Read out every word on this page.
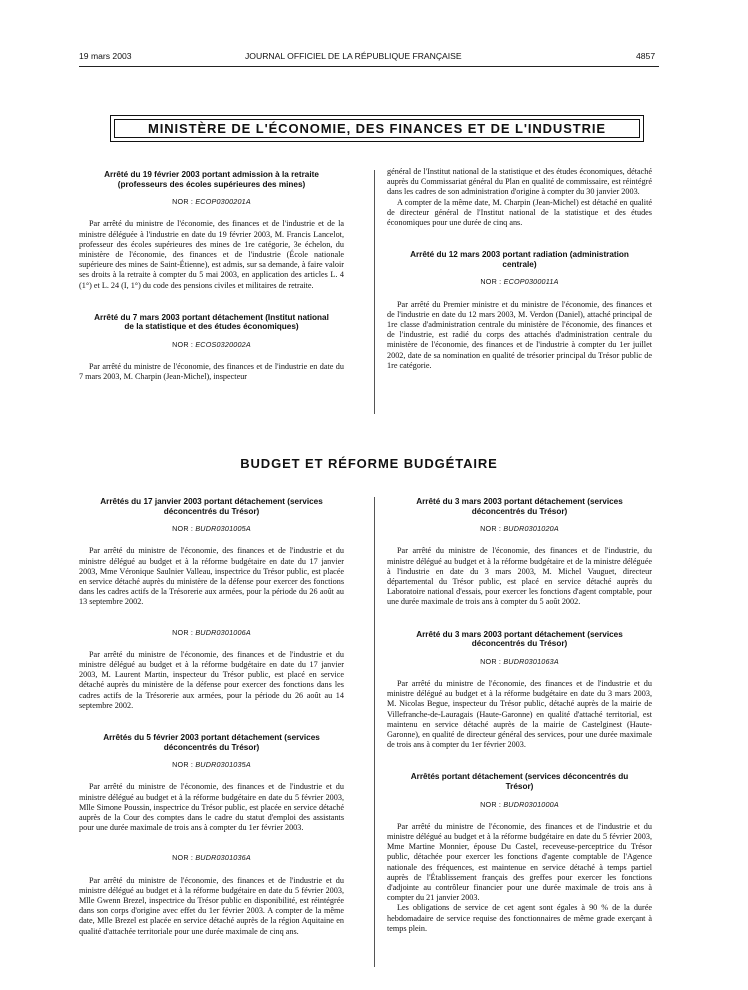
19 mars 2003	JOURNAL OFFICIEL DE LA RÉPUBLIQUE FRANÇAISE	4857
MINISTÈRE DE L'ÉCONOMIE, DES FINANCES ET DE L'INDUSTRIE
Arrêté du 19 février 2003 portant admission à la retraite (professeurs des écoles supérieures des mines)
NOR : ECOP0300201A

Par arrêté du ministre de l'économie, des finances et de l'industrie et de la ministre déléguée à l'industrie en date du 19 février 2003, M. Francis Lancelot, professeur des écoles supérieures des mines de 1re catégorie, 3e échelon, du ministère de l'économie, des finances et de l'industrie (École nationale supérieure des mines de Saint-Étienne), est admis, sur sa demande, à faire valoir ses droits à la retraite à compter du 5 mai 2003, en application des articles L. 4 (1°) et L. 24 (I, 1°) du code des pensions civiles et militaires de retraite.

Arrêté du 7 mars 2003 portant détachement (Institut national de la statistique et des études économiques)
NOR : ECOS0320002A

Par arrêté du ministre de l'économie, des finances et de l'industrie en date du 7 mars 2003, M. Charpin (Jean-Michel), inspecteur

général de l'Institut national de la statistique et des études économiques, détaché auprès du Commissariat général du Plan en qualité de commissaire, est réintégré dans les cadres de son administration d'origine à compter du 30 janvier 2003.

A compter de la même date, M. Charpin (Jean-Michel) est détaché en qualité de directeur général de l'Institut national de la statistique et des études économiques pour une durée de cinq ans.

Arrêté du 12 mars 2003 portant radiation (administration centrale)
NOR : ECOP0300011A

Par arrêté du Premier ministre et du ministre de l'économie, des finances et de l'industrie en date du 12 mars 2003, M. Verdon (Daniel), attaché principal de 1re classe d'administration centrale du ministère de l'économie, des finances et de l'industrie, est radié du corps des attachés d'administration centrale du ministère de l'économie, des finances et de l'industrie à compter du 1er juillet 2002, date de sa nomination en qualité de trésorier principal du Trésor public de 1re catégorie.

BUDGET ET RÉFORME BUDGÉTAIRE
Arrêtés du 17 janvier 2003 portant détachement (services déconcentrés du Trésor)
NOR : BUDR0301005A

Par arrêté du ministre de l'économie, des finances et de l'industrie et du ministre délégué au budget et à la réforme budgétaire en date du 17 janvier 2003, Mme Véronique Saulnier Valleau, inspectrice du Trésor public, est placée en service détaché auprès du ministère de la défense pour exercer des fonctions dans les cadres actifs de la Trésorerie aux armées, pour la période du 26 août au 13 septembre 2002.

NOR : BUDR0301006A

Par arrêté du ministre de l'économie, des finances et de l'industrie et du ministre délégué au budget et à la réforme budgétaire en date du 17 janvier 2003, M. Laurent Martin, inspecteur du Trésor public, est placé en service détaché auprès du ministère de la défense pour exercer des fonctions dans les cadres actifs de la Trésorerie aux armées, pour la période du 26 août au 14 septembre 2002.

Arrêtés du 5 février 2003 portant détachement (services déconcentrés du Trésor)
NOR : BUDR0301035A

Par arrêté du ministre de l'économie, des finances et de l'industrie et du ministre délégué au budget et à la réforme budgétaire en date du 5 février 2003, Mlle Simone Poussin, inspectrice du Trésor public, est placée en service détaché auprès de la Cour des comptes dans le cadre du statut d'emploi des assistants pour une durée maximale de trois ans à compter du 1er février 2003.

NOR : BUDR0301036A

Par arrêté du ministre de l'économie, des finances et de l'industrie et du ministre délégué au budget et à la réforme budgétaire en date du 5 février 2003, Mlle Gwenn Brezel, inspectrice du Trésor public en disponibilité, est réintégrée dans son corps d'origine avec effet du 1er février 2003. A compter de la même date, Mlle Brezel est placée en service détaché auprès de la région Aquitaine en qualité d'attachée territoriale pour une durée maximale de cinq ans.

Arrêté du 3 mars 2003 portant détachement (services déconcentrés du Trésor)
NOR : BUDR0301020A

Par arrêté du ministre de l'économie, des finances et de l'industrie, du ministre délégué au budget et à la réforme budgétaire et de la ministre déléguée à l'industrie en date du 3 mars 2003, M. Michel Vauguet, directeur départemental du Trésor public, est placé en service détaché auprès du Laboratoire national d'essais, pour exercer les fonctions d'agent comptable, pour une durée maximale de trois ans à compter du 5 août 2002.

Arrêté du 3 mars 2003 portant détachement (services déconcentrés du Trésor)
NOR : BUDR0301063A

Par arrêté du ministre de l'économie, des finances et de l'industrie et du ministre délégué au budget et à la réforme budgétaire en date du 3 mars 2003, M. Nicolas Begue, inspecteur du Trésor public, détaché auprès de la mairie de Villefranche-de-Lauragais (Haute-Garonne) en qualité d'attaché territorial, est maintenu en service détaché auprès de la mairie de Castelginest (Haute-Garonne), en qualité de directeur général des services, pour une durée maximale de trois ans à compter du 1er février 2003.

Arrêtés portant détachement (services déconcentrés du Trésor)
NOR : BUDR0301000A

Par arrêté du ministre de l'économie, des finances et de l'industrie et du ministre délégué au budget et à la réforme budgétaire en date du 5 février 2003, Mme Martine Monnier, épouse Du Castel, receveuse-perceptrice du Trésor public, détachée pour exercer les fonctions d'agente comptable de l'Agence nationale des fréquences, est maintenue en service détaché à temps partiel auprès de l'Établissement français des greffes pour exercer les fonctions d'adjointe au contrôleur financier pour une durée maximale de trois ans à compter du 21 janvier 2003.

Les obligations de service de cet agent sont égales à 90 % de la durée hebdomadaire de service requise des fonctionnaires de même grade exerçant à temps plein.
